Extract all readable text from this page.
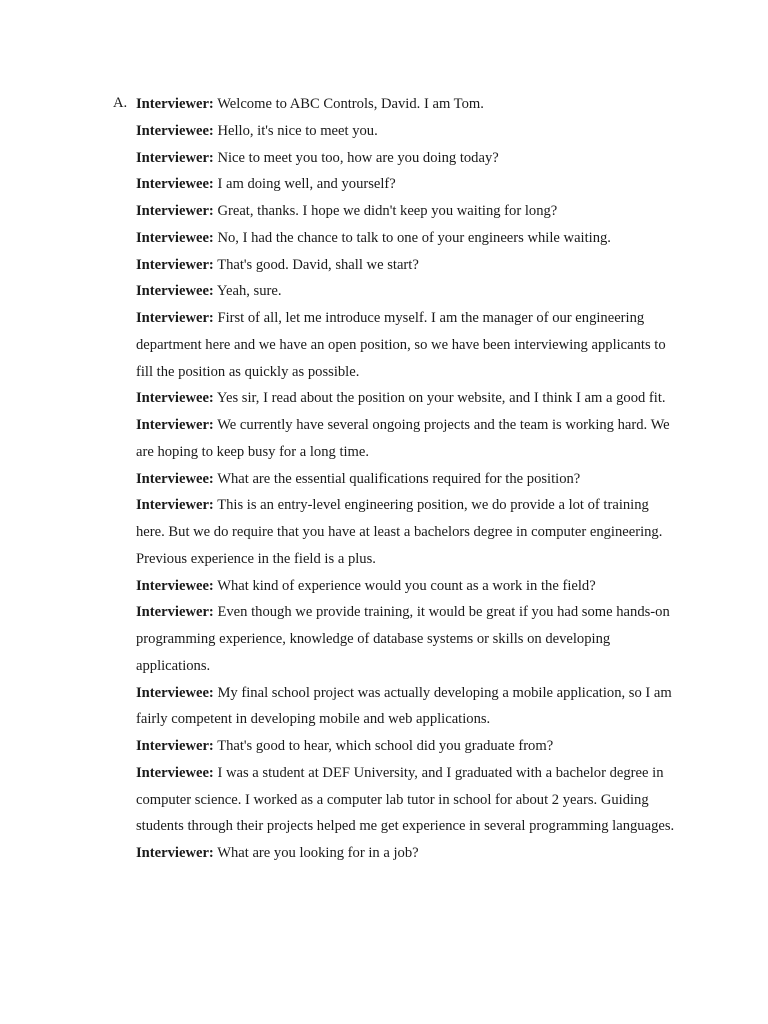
A. Interviewer: Welcome to ABC Controls, David. I am Tom.

Interviewee: Hello, it's nice to meet you.

Interviewer: Nice to meet you too, how are you doing today?

Interviewee: I am doing well, and yourself?

Interviewer: Great, thanks. I hope we didn't keep you waiting for long?

Interviewee: No, I had the chance to talk to one of your engineers while waiting.

Interviewer: That's good. David, shall we start?

Interviewee: Yeah, sure.

Interviewer: First of all, let me introduce myself. I am the manager of our engineering department here and we have an open position, so we have been interviewing applicants to fill the position as quickly as possible.

Interviewee: Yes sir, I read about the position on your website, and I think I am a good fit.

Interviewer: We currently have several ongoing projects and the team is working hard. We are hoping to keep busy for a long time.

Interviewee: What are the essential qualifications required for the position?

Interviewer: This is an entry-level engineering position, we do provide a lot of training here. But we do require that you have at least a bachelors degree in computer engineering. Previous experience in the field is a plus.

Interviewee: What kind of experience would you count as a work in the field?

Interviewer: Even though we provide training, it would be great if you had some hands-on programming experience, knowledge of database systems or skills on developing applications.

Interviewee: My final school project was actually developing a mobile application, so I am fairly competent in developing mobile and web applications.

Interviewer: That's good to hear, which school did you graduate from?

Interviewee: I was a student at DEF University, and I graduated with a bachelor degree in computer science. I worked as a computer lab tutor in school for about 2 years. Guiding students through their projects helped me get experience in several programming languages.

Interviewer: What are you looking for in a job?
